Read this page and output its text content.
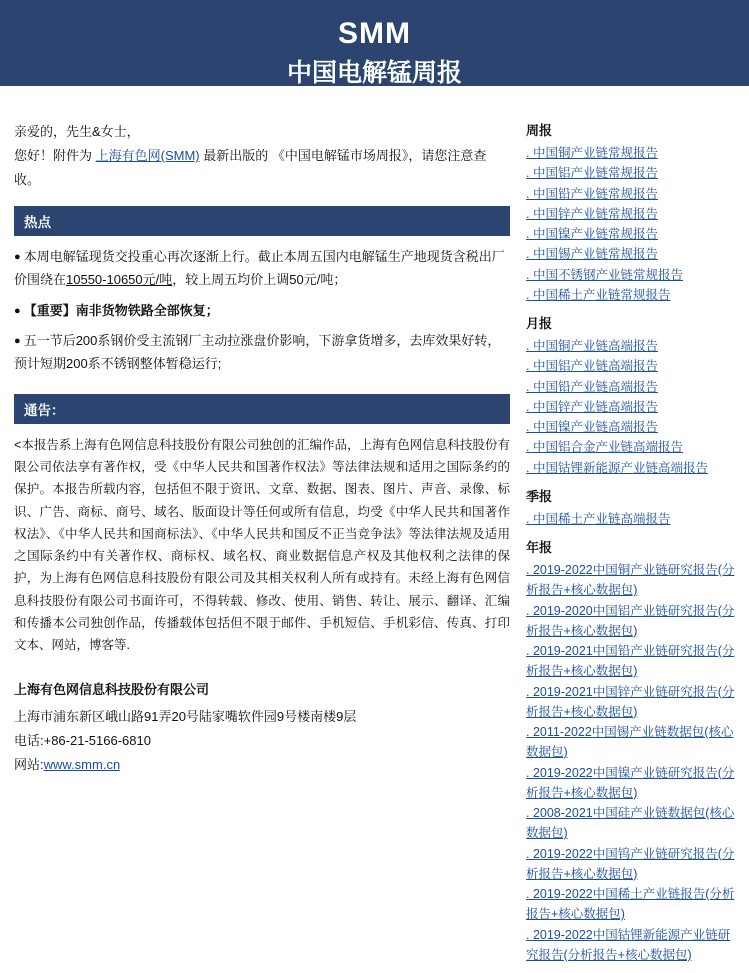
SMM
中国电解锰周报
亲爱的，先生&女士，
您好！附件为 上海有色网(SMM) 最新出版的 《中国电解锰市场周报》，请您注意查收。
热点

● 本周电解锰现货交投重心再次逐渐上行。截止本周五国内电解锰生产地现货含税出厂价围绕在10550-10650元/吨，较上周五均价上调50元/吨；

● 【重要】南非货物铁路全部恢复；

● 五一节后200系钢价受主流钢厂主动拉涨盘价影响，下游拿货增多，去库效果好转，预计短期200系不锈钢整体暂稳运行;

通告：
<本报告系上海有色网信息科技股份有限公司独创的汇编作品，上海有色网信息科技股份有限公司依法享有著作权，受《中华人民共和国著作权法》等法律法规和适用之国际条约的保护。本报告所载内容，包括但不限于资讯、文章、数据、图表、图片、声音、录像、标识、广告、商标、商号、域名、版面设计等任何或所有信息，均受《中华人民共和国著作权法》、《中华人民共和国商标法》、《中华人民共和国反不正当竞争法》等法律法规及适用之国际条约中有关著作权、商标权、域名权、商业数据信息产权及其他权利之法律的保护，为上海有色网信息科技股份有限公司及其相关权利人所有或持有。未经上海有色网信息科技股份有限公司书面许可，不得转载、修改、使用、销售、转让、展示、翻译、汇编和传播本公司独创作品，传播载体包括但不限于邮件、手机短信、手机彩信、传真、打印文本、网站，博客等.
上海有色网信息科技股份有限公司
上海市浦东新区峨山路91弄20号陆家嘴软件园9号楼南楼9层
电话:+86-21-5166-6810
网站:www.smm.cn
周报
. 中国铜产业链常规报告
. 中国铝产业链常规报告
. 中国铅产业链常规报告
. 中国锌产业链常规报告
. 中国镍产业链常规报告
. 中国锡产业链常规报告
. 中国不锈钢产业链常规报告
. 中国稀土产业链常规报告
月报
. 中国铜产业链高端报告
. 中国铝产业链高端报告
. 中国铅产业链高端报告
. 中国锌产业链高端报告
. 中国镍产业链高端报告
. 中国铝合金产业链高端报告
. 中国钴锂新能源产业链高端报告
季报
. 中国稀土产业链高端报告
年报
. 2019-2022中国铜产业链研究报告(分析报告+核心数据包)
. 2019-2020中国铝产业链研究报告(分析报告+核心数据包)
. 2019-2021中国铅产业链研究报告(分析报告+核心数据包)
. 2019-2021中国锌产业链研究报告(分析报告+核心数据包)
. 2011-2022中国锡产业链数据包(核心数据包)
. 2019-2022中国镍产业链研究报告(分析报告+核心数据包)
. 2008-2021中国硅产业链数据包(核心数据包)
. 2019-2022中国钨产业链研究报告(分析报告+核心数据包)
. 2019-2022中国稀土产业链报告(分析报告+核心数据包)
. 2019-2022中国钴锂新能源产业链研究报告(分析报告+核心数据包)
